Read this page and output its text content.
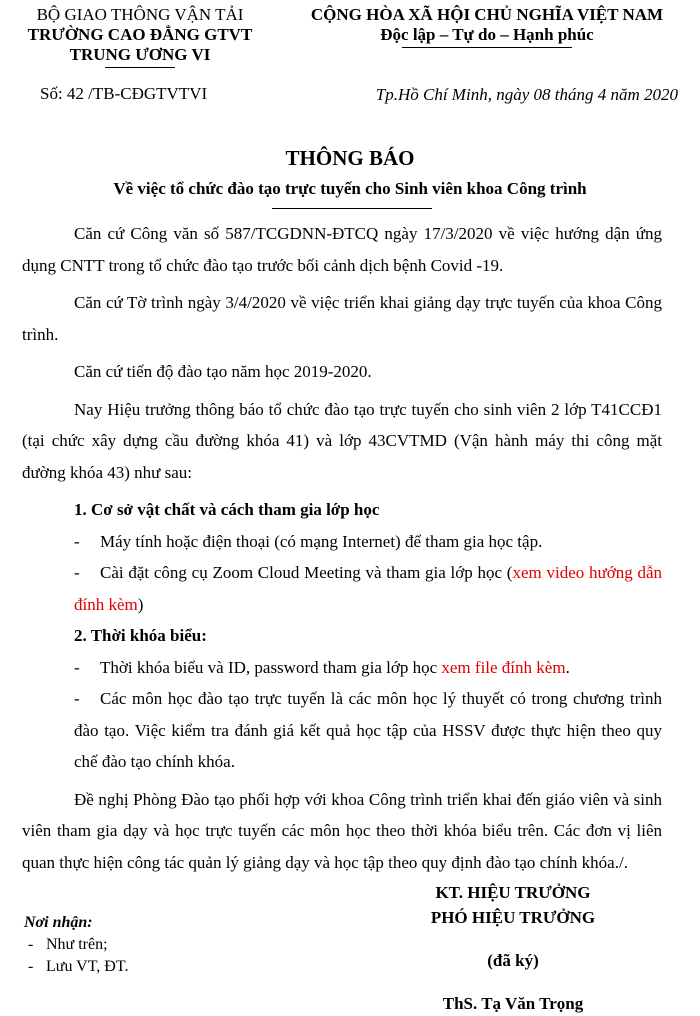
BỘ GIAO THÔNG VẬN TẢI
TRƯỜNG CAO ĐẲNG GTVT
TRUNG ƯƠNG VI
CỘNG HÒA XÃ HỘI CHỦ NGHĨA VIỆT NAM
Độc lập – Tự do – Hạnh phúc
Số: 42 /TB-CĐGTVTVI	Tp.Hồ Chí Minh, ngày 08 tháng 4 năm 2020
THÔNG BÁO
Về việc tổ chức đào tạo trực tuyến cho Sinh viên khoa Công trình

Căn cứ Công văn số 587/TCGDNN-ĐTCQ ngày 17/3/2020 về việc hướng dận ứng dụng CNTT trong tổ chức đào tạo trước bối cảnh dịch bệnh Covid -19.

Căn cứ Tờ trình ngày 3/4/2020 về việc triển khai giảng dạy trực tuyến của khoa Công trình.

Căn cứ tiến độ đào tạo năm học 2019-2020.

Nay Hiệu trưởng thông báo tổ chức đào tạo trực tuyến cho sinh viên 2 lớp T41CCĐ1 (tại chức xây dựng cầu đường khóa 41) và lớp 43CVTMD (Vận hành máy thi công mặt đường khóa 43) như sau:

1. Cơ sở vật chất và cách tham gia lớp học

- Máy tính hoặc điện thoại (có mạng Internet) để tham gia học tập.

- Cài đặt công cụ Zoom Cloud Meeting và tham gia lớp học (xem video hướng dẫn đính kèm)

2. Thời khóa biểu:

- Thời khóa biểu và ID, password tham gia lớp học xem file đính kèm.

- Các môn học đào tạo trực tuyến là các môn học lý thuyết có trong chương trình đào tạo. Việc kiểm tra đánh giá kết quả học tập của HSSV được thực hiện theo quy chế đào tạo chính khóa.

Đề nghị Phòng Đào tạo phối hợp với khoa Công trình triển khai đến giáo viên và sinh viên tham gia dạy và học trực tuyến các môn học theo thời khóa biểu trên. Các đơn vị liên quan thực hiện công tác quản lý giảng dạy và học tập theo quy định đào tạo chính khóa./.

KT. HIỆU TRƯỞNG
PHÓ HIỆU TRƯỞNG
(đã ký)
ThS. Tạ Văn Trọng
Nơi nhận:
- Như trên;
- Lưu VT, ĐT.
